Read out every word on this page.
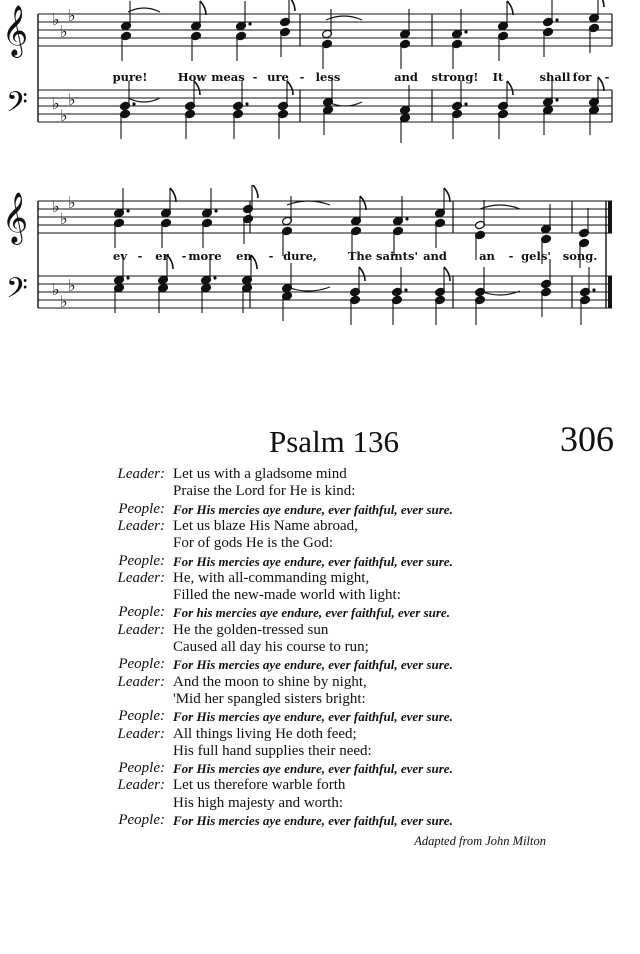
𝄞
𝄢
♭
♭
♭
♭
♭
♭
pure!	How meas - ure - less	and strong! It	shall for -
𝄞
𝄢
♭
♭
♭
♭
♭
♭
ev - er - more en - dure,	The saints' and	an - gels' song.
Psalm 136	306
Leader: Let us with a gladsome mind
Praise the Lord for He is kind:
People: For His mercies aye endure, ever faithful, ever sure.
Leader: Let us blaze His Name abroad,
For of gods He is the God:
People: For His mercies aye endure, ever faithful, ever sure.
Leader: He, with all-commanding might,
Filled the new-made world with light:
People: For his mercies aye endure, ever faithful, ever sure.
Leader: He the golden-tressed sun
Caused all day his course to run;
People: For His mercies aye endure, ever faithful, ever sure.
Leader: And the moon to shine by night,
'Mid her spangled sisters bright:
People: For His mercies aye endure, ever faithful, ever sure.
Leader: All things living He doth feed;
His full hand supplies their need:
People: For His mercies aye endure, ever faithful, ever sure.
Leader: Let us therefore warble forth
His high majesty and worth:
People: For His mercies aye endure, ever faithful, ever sure.
Adapted from John Milton
